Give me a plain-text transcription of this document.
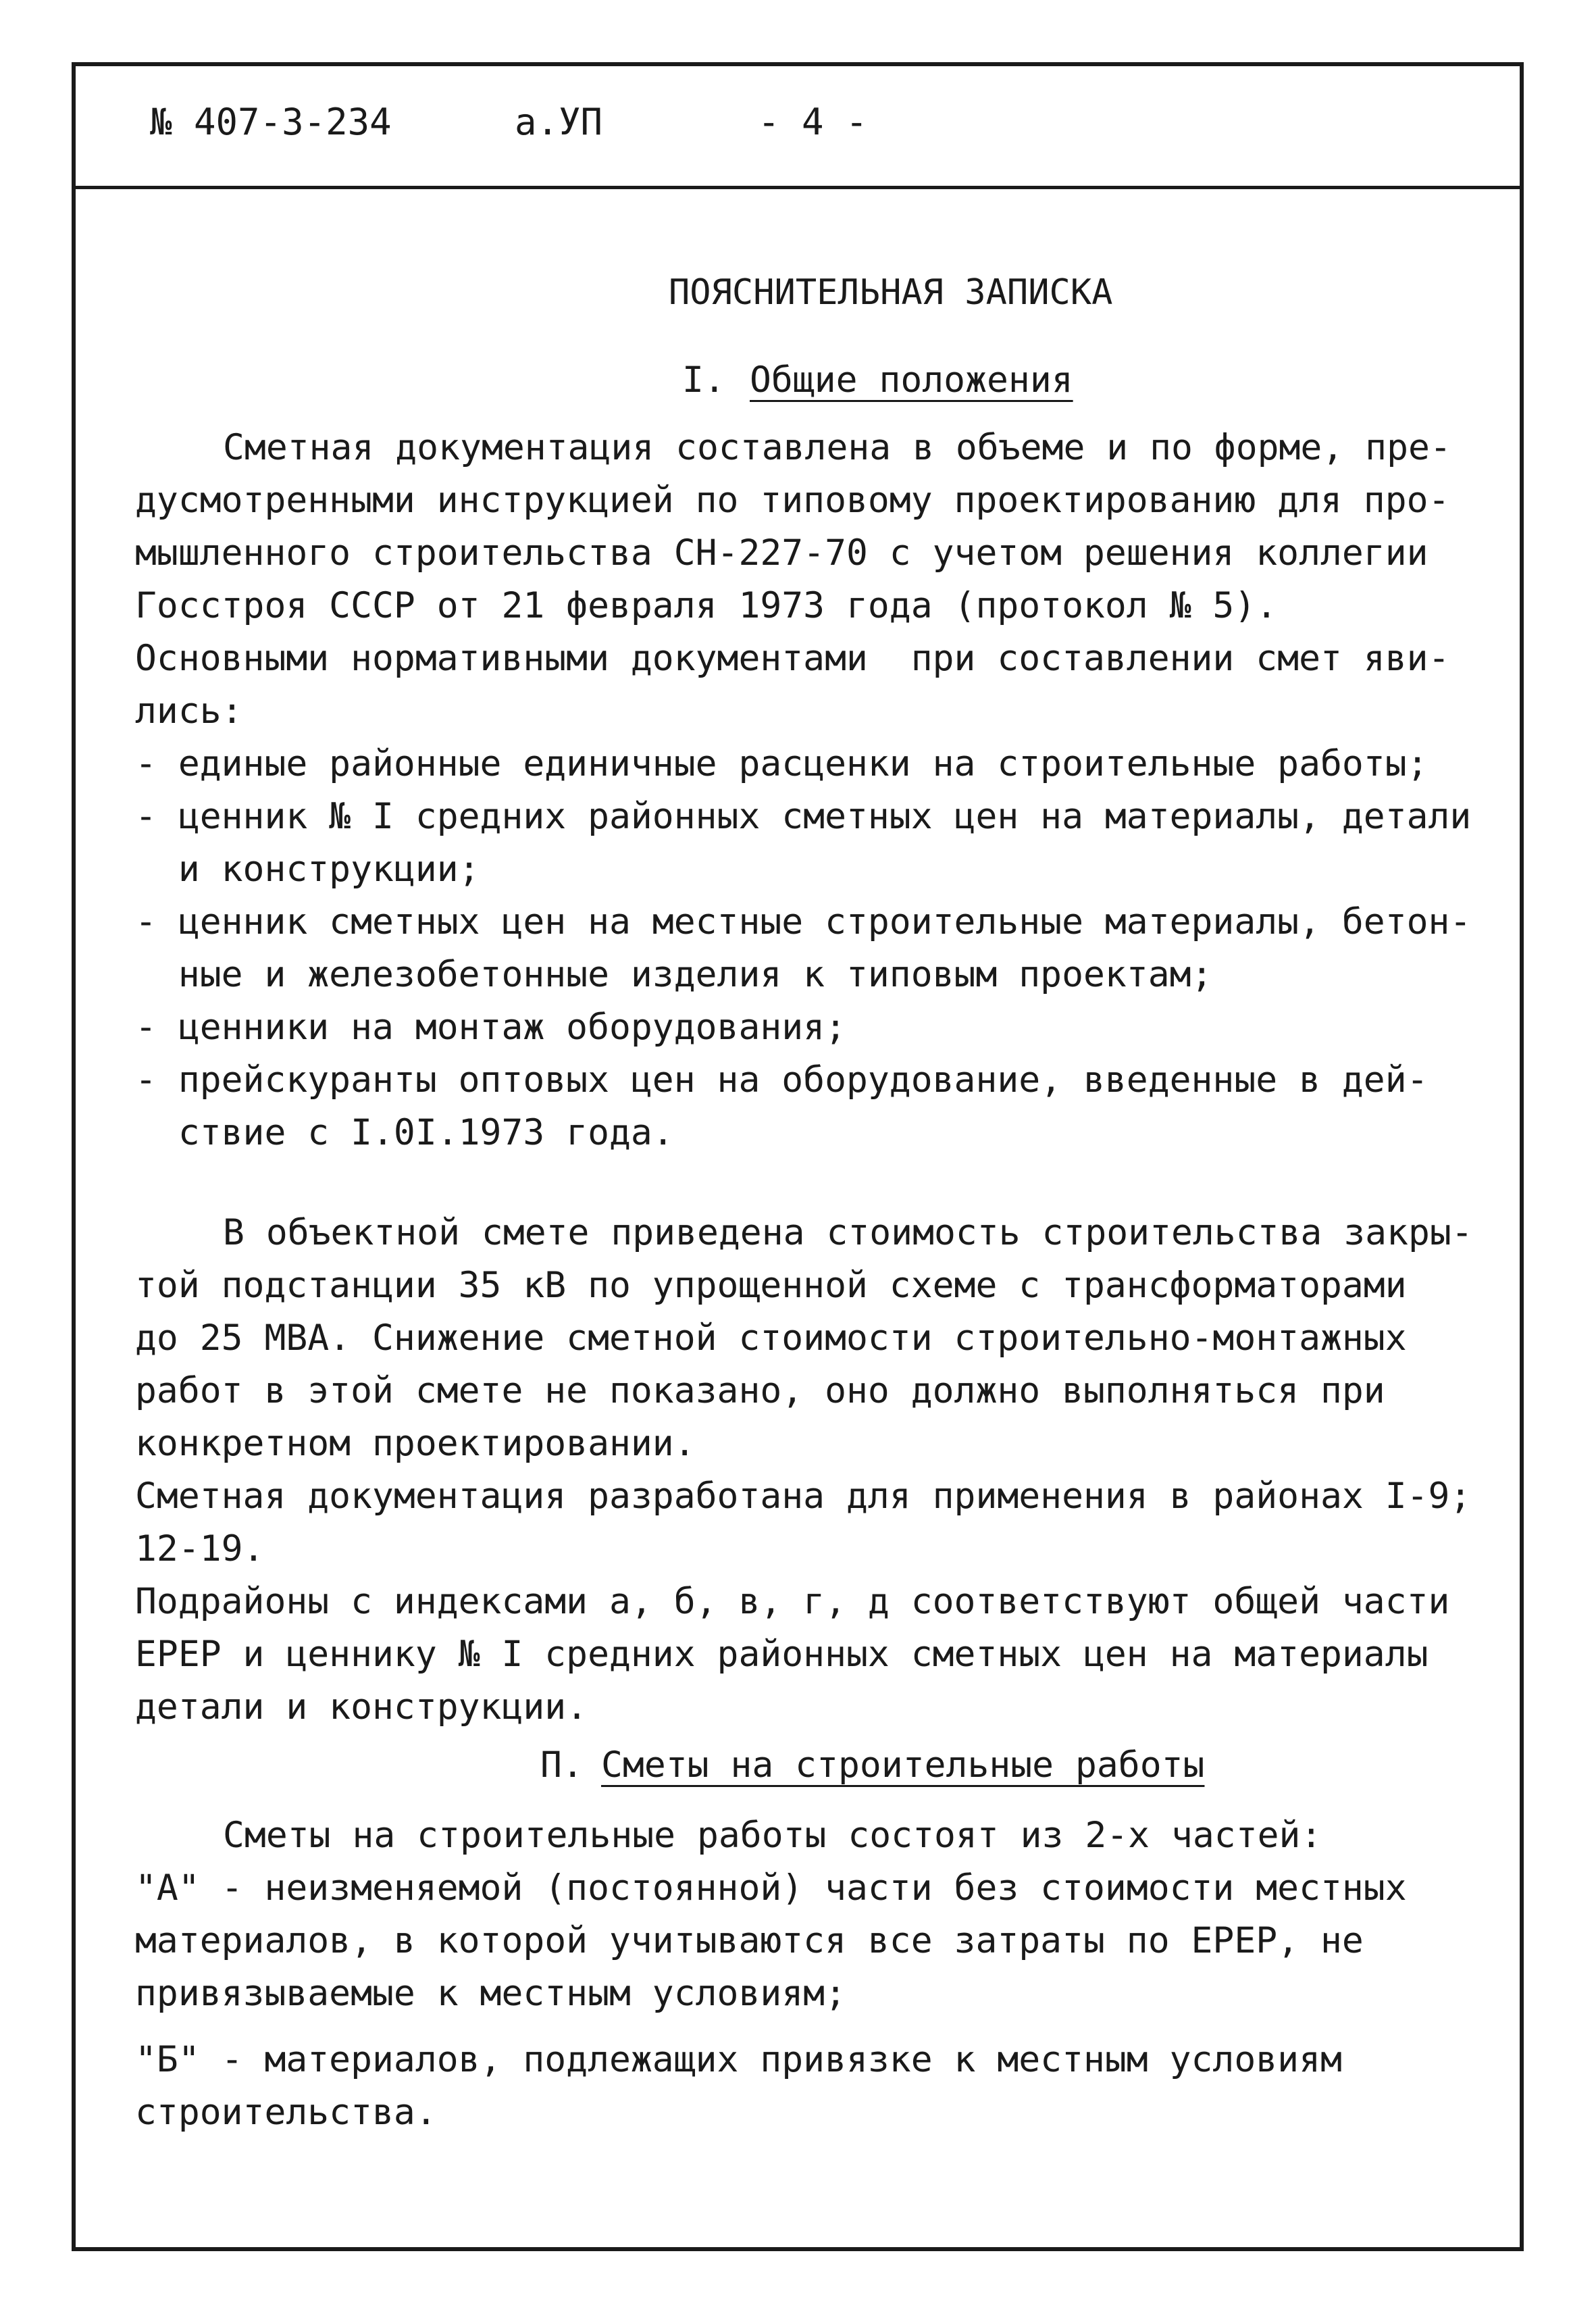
№ 407-3-234	а.УП	- 4 -
ПОЯСНИТЕЛЬНАЯ ЗАПИСКА
I. Общие положения
Сметная документация составлена в объеме и по форме, пре-
дусмотренными инструкцией по типовому проектированию для про-
мышленного строительства СН-227-70 с учетом решения коллегии
Госстроя СССР от 21 февраля 1973 года (протокол № 5).
Основными нормативными документами  при составлении смет яви-
лись:
- единые районные единичные расценки на строительные работы;
- ценник № I средних районных сметных цен на материалы, детали
и конструкции;
- ценник сметных цен на местные строительные материалы, бетон-
ные и железобетонные изделия к типовым проектам;
- ценники на монтаж оборудования;
- прейскуранты оптовых цен на оборудование, введенные в дей-
ствие с I.0I.1973 года.
В объектной смете приведена стоимость строительства закры-
той подстанции 35 кВ по упрощенной схеме с трансформаторами
до 25 МВА. Снижение сметной стоимости строительно-монтажных
работ в этой смете не показано, оно должно выполняться при
конкретном проектировании.
Сметная документация разработана для применения в районах I-9;
12-19.
Подрайоны с индексами а, б, в, г, д соответствуют общей части
ЕРЕР и ценнику № I средних районных сметных цен на материалы
детали и конструкции.
П. Сметы на строительные работы
Сметы на строительные работы состоят из 2-х частей:
"А" - неизменяемой (постоянной) части без стоимости местных
материалов, в которой учитываются все затраты по ЕРЕР, не
привязываемые к местным условиям;
"Б" - материалов, подлежащих привязке к местным условиям
строительства.
